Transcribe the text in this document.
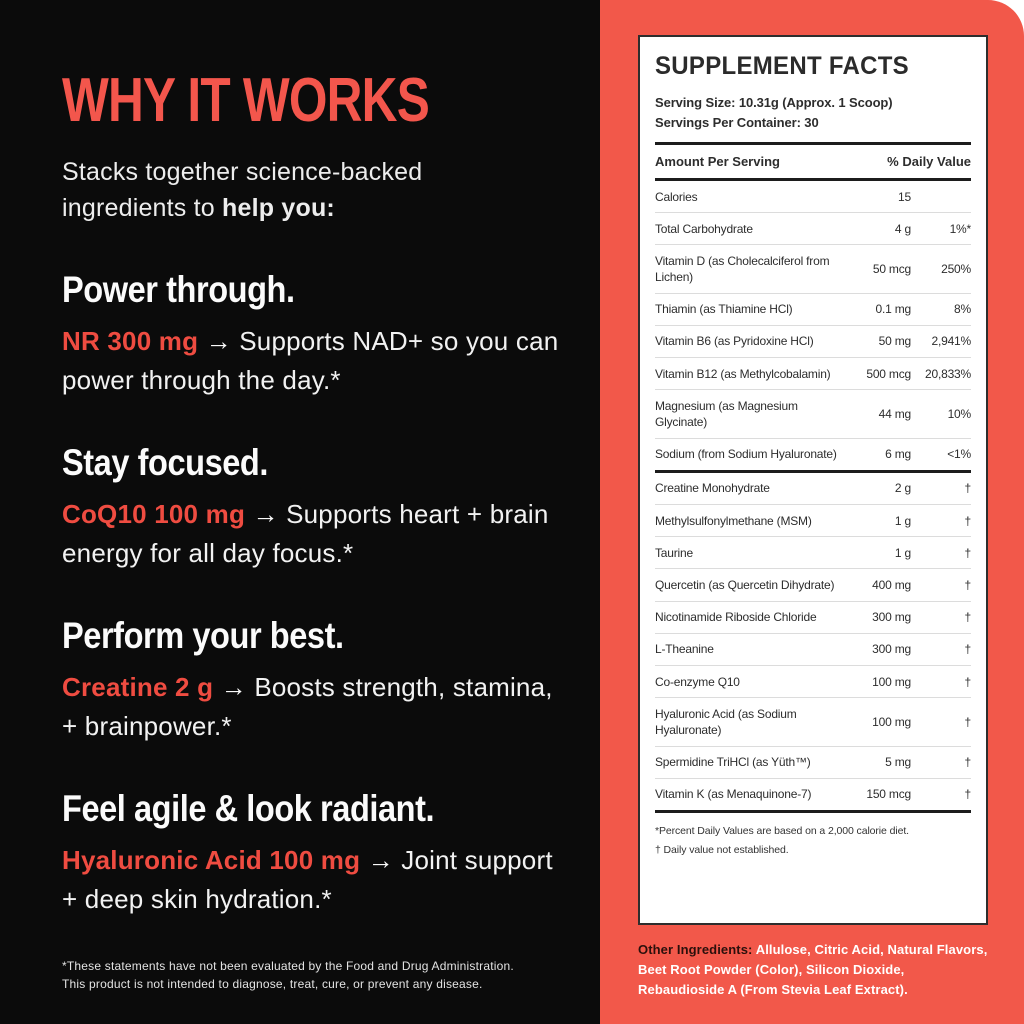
WHY IT WORKS
Stacks together science-backed ingredients to help you:
Power through.
NR 300 mg → Supports NAD+ so you can power through the day.*
Stay focused.
CoQ10 100 mg → Supports heart + brain energy for all day focus.*
Perform your best.
Creatine 2 g → Boosts strength, stamina, + brainpower.*
Feel agile & look radiant.
Hyaluronic Acid 100 mg → Joint support + deep skin hydration.*
*These statements have not been evaluated by the Food and Drug Administration.
This product is not intended to diagnose, treat, cure, or prevent any disease.
SUPPLEMENT FACTS
Serving Size: 10.31g (Approx. 1 Scoop)
Servings Per Container: 30
Amount Per Serving	% Daily Value
Calories	15
Total Carbohydrate	4 g	1%*
Vitamin D (as Cholecalciferol from Lichen)
50 mcg	250%
Thiamin (as Thiamine HCl)	0.1 mg	8%
Vitamin B6 (as Pyridoxine HCl)	50 mg	2,941%
Vitamin B12 (as Methylcobalamin)	500 mcg	20,833%
Magnesium (as Magnesium Glycinate)
44 mg	10%
Sodium (from Sodium Hyaluronate)	6 mg	<1%
Creatine Monohydrate	2 g	†
Methylsulfonylmethane (MSM)	1 g	†
Taurine	1 g	†
Quercetin (as Quercetin Dihydrate)	400 mg	†
Nicotinamide Riboside Chloride	300 mg	†
L-Theanine	300 mg	†
Co-enzyme Q10	100 mg	†
Hyaluronic Acid (as Sodium Hyaluronate)
100 mg	†
Spermidine TriHCl (as Yüth™)	5 mg	†
Vitamin K (as Menaquinone-7)	150 mcg	†
*Percent Daily Values are based on a 2,000 calorie diet.
† Daily value not established.
Other Ingredients: Allulose, Citric Acid, Natural Flavors, Beet Root Powder (Color), Silicon Dioxide, Rebaudioside A (From Stevia Leaf Extract).
